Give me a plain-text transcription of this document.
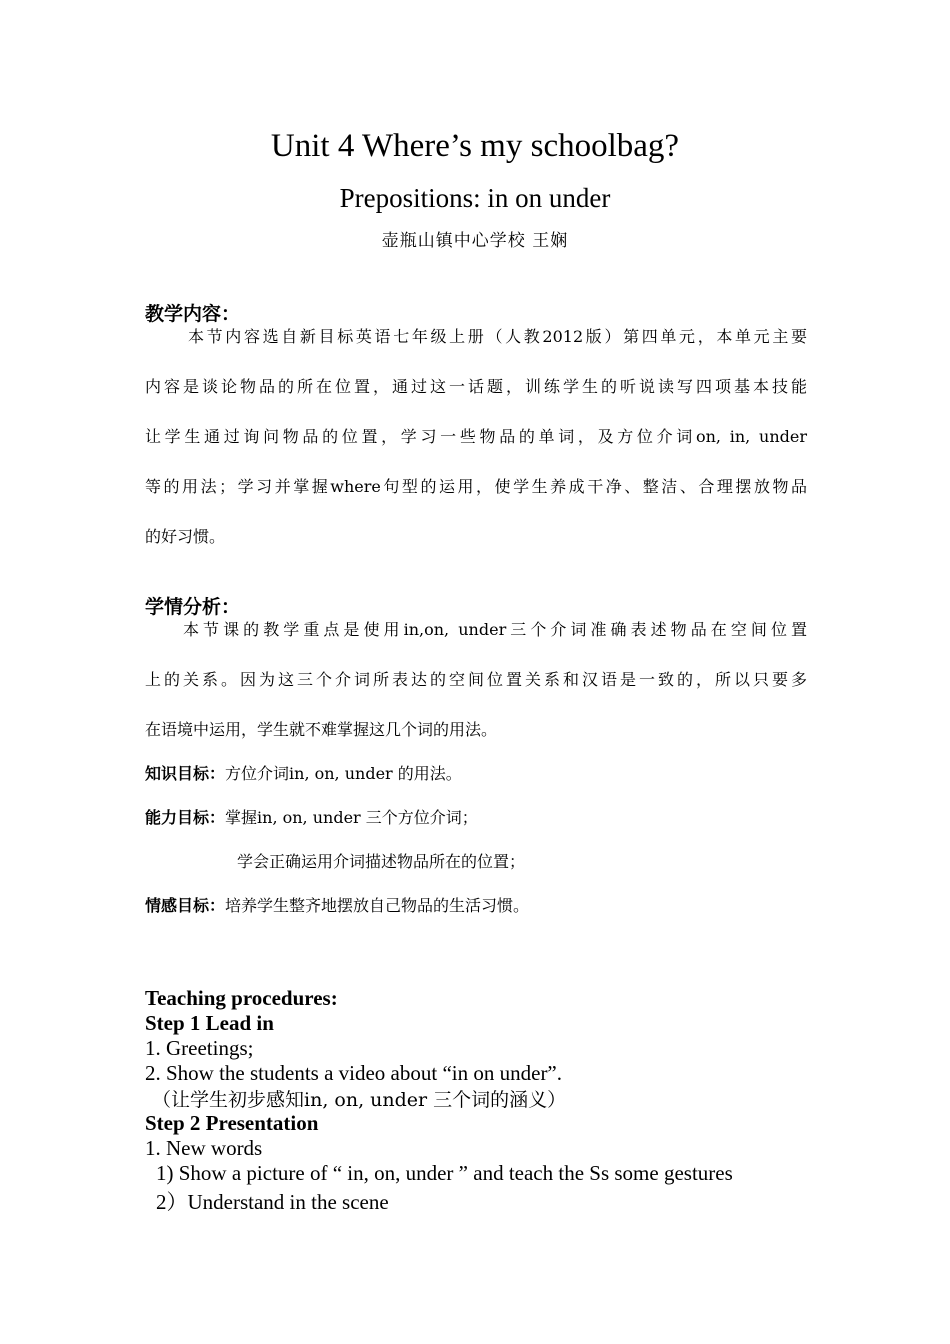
Unit 4 Where’s my schoolbag?
Prepositions: in on under
壶瓶山镇中心学校 王娴
教学内容：
本节内容选自新目标英语七年级上册（人教2012版）第四单元，本单元主要
内容是谈论物品的所在位置，通过这一话题，训练学生的听说读写四项基本技能
让学生通过询问物品的位置，学习一些物品的单词，及方位介词on, in, under
等的用法；学习并掌握where句型的运用，使学生养成干净、整洁、合理摆放物品
的好习惯。
学情分析：
本节课的教学重点是使用in,on, under三个介词准确表述物品在空间位置
上的关系。因为这三个介词所表达的空间位置关系和汉语是一致的，所以只要多
在语境中运用，学生就不难掌握这几个词的用法。
知识目标：方位介词in, on, under 的用法。
能力目标：掌握in, on, under 三个方位介词；
学会正确运用介词描述物品所在的位置；
情感目标：培养学生整齐地摆放自己物品的生活习惯。
Teaching procedures:
Step 1 Lead in
1. Greetings;
2. Show the students a video about “in on under”.
（让学生初步感知in, on, under 三个词的涵义）
Step 2 Presentation
1. New words
1) Show a picture of “ in, on, under ” and teach the Ss some gestures
2）Understand in the scene
